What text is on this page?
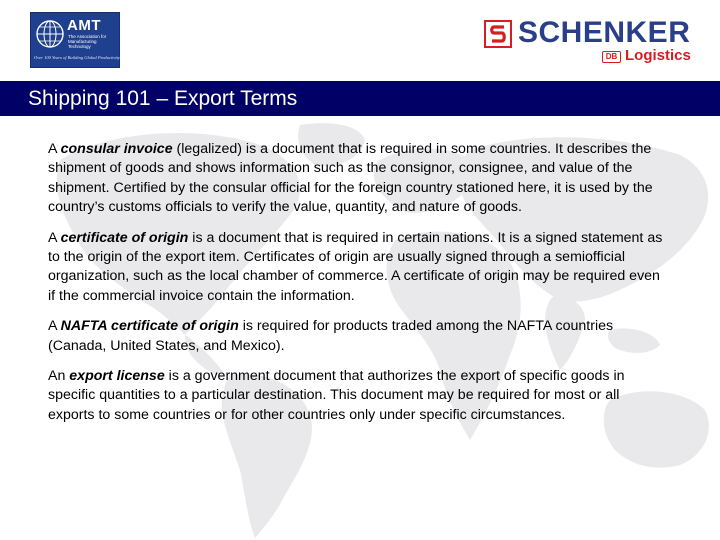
AMT
The Association for Manufacturing Technology
Over 100 Years of Building Global Productivity
SCHENKER
DB Logistics
Shipping 101 – Export Terms

A consular invoice (legalized) is a document that is required in some countries. It describes the shipment of goods and shows information such as the consignor, consignee, and value of the shipment. Certified by the consular official for the foreign country stationed here, it is used by the country’s customs officials to verify the value, quantity, and nature of goods.

A certificate of origin is a document that is required in certain nations. It is a signed statement as to the origin of the export item. Certificates of origin are usually signed through a semiofficial organization, such as the local chamber of commerce. A certificate of origin may be required even if the commercial invoice contain the information.

A NAFTA certificate of origin is required for products traded among the NAFTA countries (Canada, United States, and Mexico).

An export license is a government document that authorizes the export of specific goods in specific quantities to a particular destination. This document may be required for most or all exports to some countries or for other countries only under specific circumstances.
